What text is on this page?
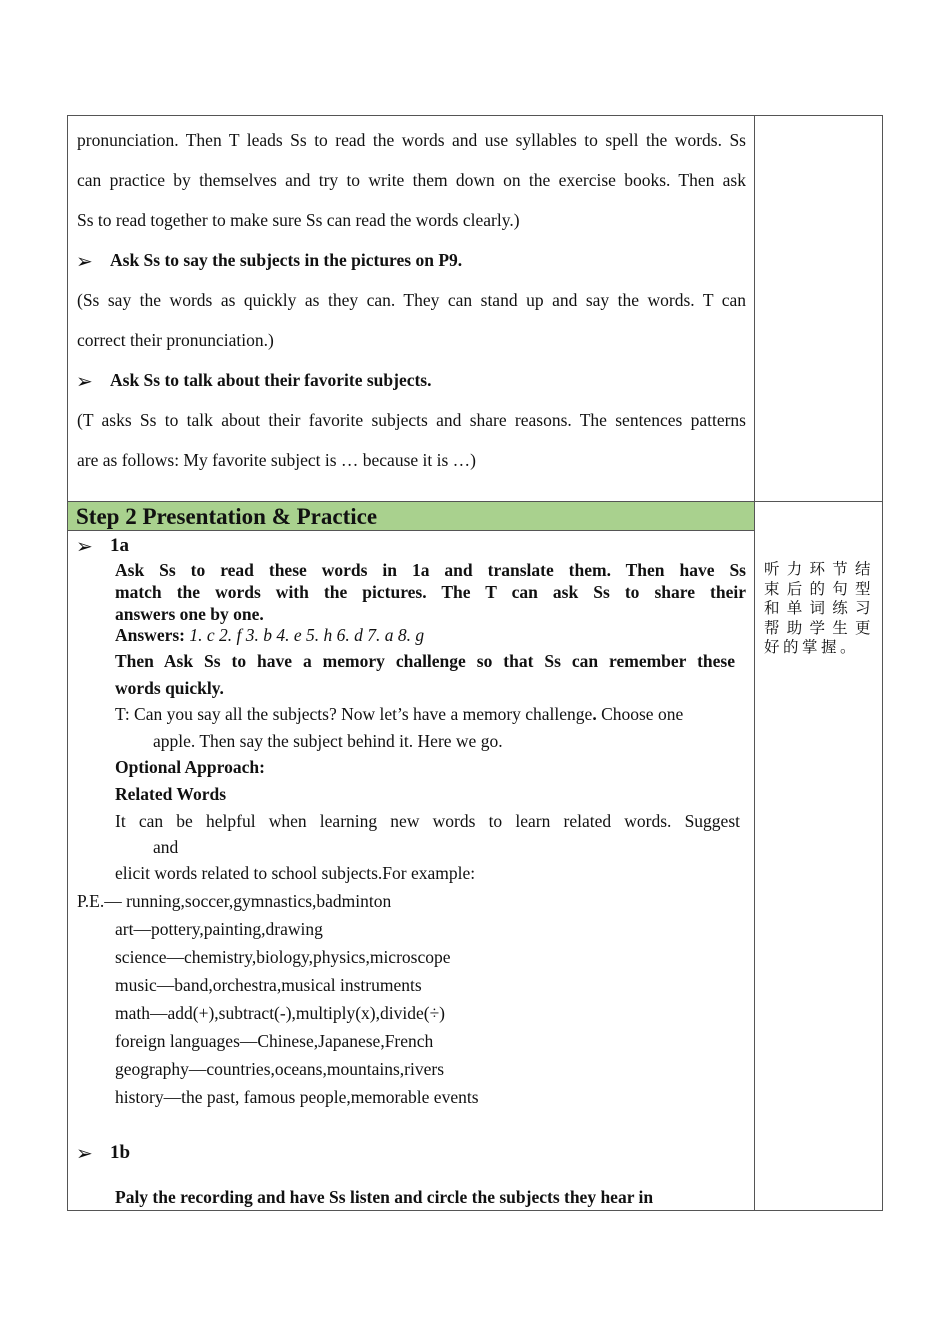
pronunciation. Then T leads Ss to read the words and use syllables to spell the words. Ss
can practice by themselves and try to write them down on the exercise books. Then ask
Ss to read together to make sure Ss can read the words clearly.)
➢ Ask Ss to say the subjects in the pictures on P9.
(Ss say the words as quickly as they can. They can stand up and say the words. T can
correct their pronunciation.)
➢ Ask Ss to talk about their favorite subjects.
(T asks Ss to talk about their favorite subjects and share reasons. The sentences patterns
are as follows: My favorite subject is … because it is …)
Step 2 Presentation & Practice
➢ 1a
Ask Ss to read these words in 1a and translate them. Then have Ss
match the words with the pictures. The T can ask Ss to share their
answers one by one.
Answers: 1. c 2. f 3. b 4. e 5. h 6. d 7. a 8. g
Then Ask Ss to have a memory challenge so that Ss can remember these
words quickly.
T: Can you say all the subjects? Now let’s have a memory challenge. Choose one
apple. Then say the subject behind it. Here we go.
Optional Approach:
Related Words
It can be helpful when learning new words to learn related words. Suggest
and
elicit words related to school subjects.For example:
P.E.— running,soccer,gymnastics,badminton
art—pottery,painting,drawing
science—chemistry,biology,physics,microscope
music—band,orchestra,musical instruments
math—add(+),subtract(-),multiply(x),divide(÷)
foreign languages—Chinese,Japanese,French
geography—countries,oceans,mountains,rivers
history—the past, famous people,memorable events
➢ 1b
Paly the recording and have Ss listen and circle the subjects they hear in
听力环节结束后的句型和单词练习帮助学生更好的掌握。
